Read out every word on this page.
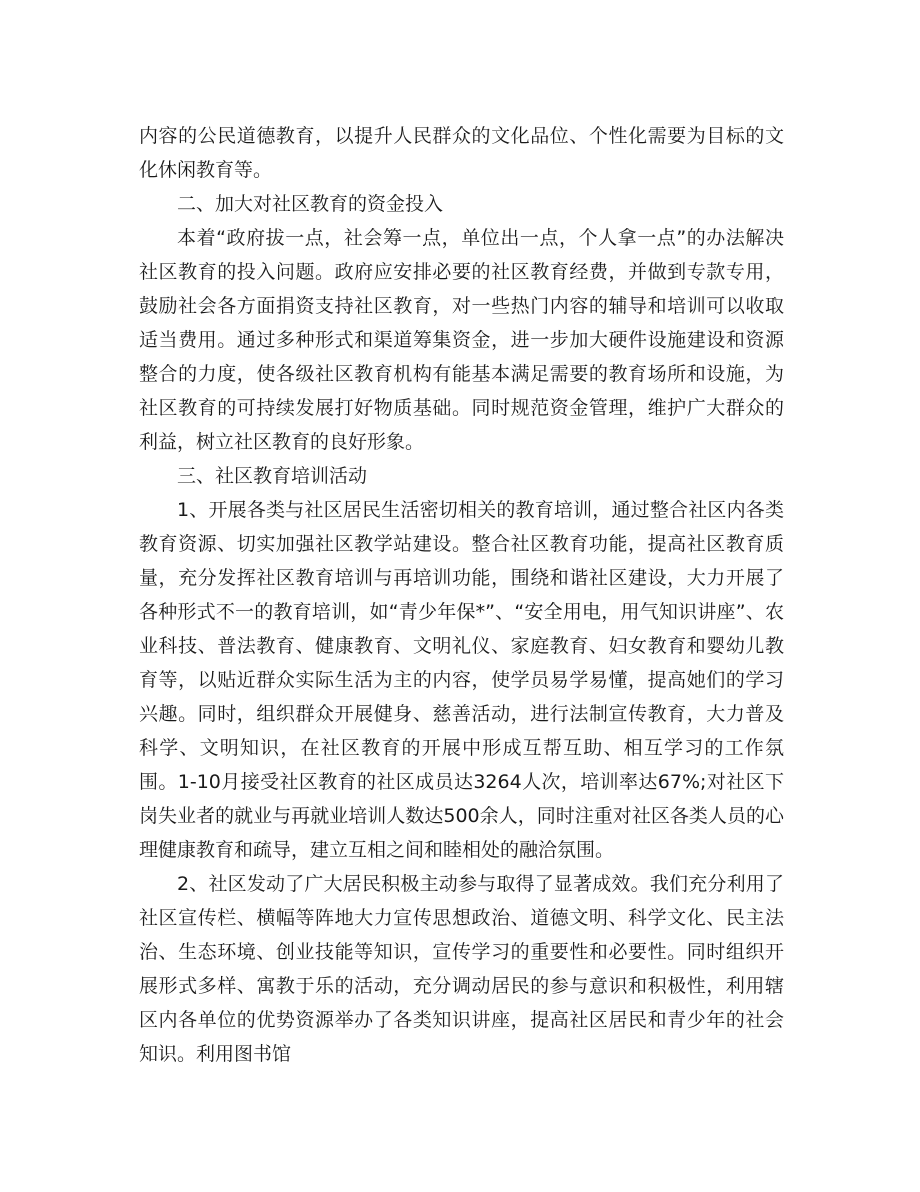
内容的公民道德教育，以提升人民群众的文化品位、个性化需要为目标的文化休闲教育等。

二、加大对社区教育的资金投入

本着“政府拔一点，社会筹一点，单位出一点，个人拿一点”的办法解决社区教育的投入问题。政府应安排必要的社区教育经费，并做到专款专用，鼓励社会各方面捐资支持社区教育，对一些热门内容的辅导和培训可以收取适当费用。通过多种形式和渠道筹集资金，进一步加大硬件设施建设和资源整合的力度，使各级社区教育机构有能基本满足需要的教育场所和设施，为社区教育的可持续发展打好物质基础。同时规范资金管理，维护广大群众的利益，树立社区教育的良好形象。

三、社区教育培训活动

1、开展各类与社区居民生活密切相关的教育培训，通过整合社区内各类教育资源、切实加强社区教学站建设。整合社区教育功能，提高社区教育质量，充分发挥社区教育培训与再培训功能，围绕和谐社区建设，大力开展了各种形式不一的教育培训，如“青少年保*”、“安全用电，用气知识讲座”、农业科技、普法教育、健康教育、文明礼仪、家庭教育、妇女教育和婴幼儿教育等，以贴近群众实际生活为主的内容，使学员易学易懂，提高她们的学习兴趣。同时，组织群众开展健身、慈善活动，进行法制宣传教育，大力普及科学、文明知识，在社区教育的开展中形成互帮互助、相互学习的工作氛围。1-10月接受社区教育的社区成员达3264人次，培训率达67%;对社区下岗失业者的就业与再就业培训人数达500余人，同时注重对社区各类人员的心理健康教育和疏导，建立互相之间和睦相处的融洽氛围。

2、社区发动了广大居民积极主动参与取得了显著成效。我们充分利用了社区宣传栏、横幅等阵地大力宣传思想政治、道德文明、科学文化、民主法治、生态环境、创业技能等知识，宣传学习的重要性和必要性。同时组织开展形式多样、寓教于乐的活动，充分调动居民的参与意识和积极性，利用辖区内各单位的优势资源举办了各类知识讲座，提高社区居民和青少年的社会知识。利用图书馆
